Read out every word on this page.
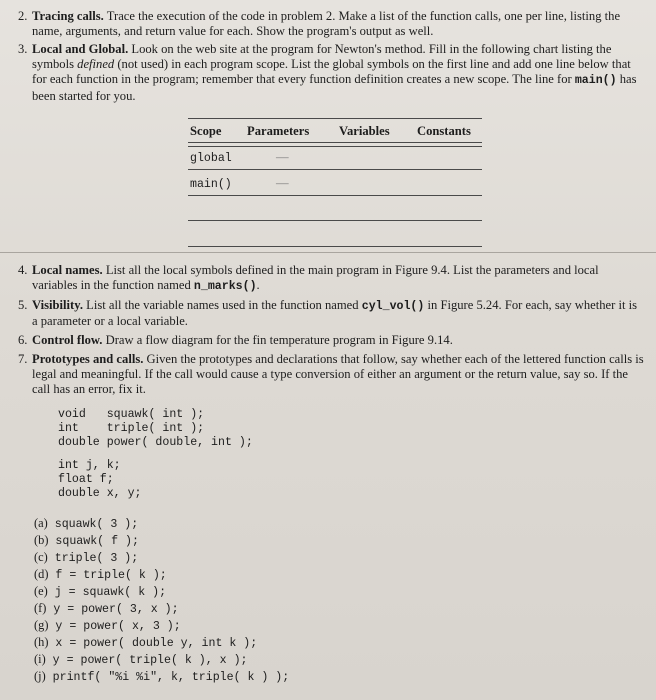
2. Tracing calls. Trace the execution of the code in problem 2. Make a list of the function calls, one per line, listing the name, arguments, and return value for each. Show the program's output as well.
3. Local and Global. Look on the web site at the program for Newton's method. Fill in the following chart listing the symbols defined (not used) in each program scope. List the global symbols on the first line and add one line below that for each function in the program; remember that every function definition creates a new scope. The line for main() has been started for you.
Scope Parameters Variables Constants
global	—
main()	—
4. Local names. List all the local symbols defined in the main program in Figure 9.4. List the parameters and local variables in the function named n_marks().
5. Visibility. List all the variable names used in the function named cyl_vol() in Figure 5.24. For each, say whether it is a parameter or a local variable.
6. Control flow. Draw a flow diagram for the fin temperature program in Figure 9.14.
7. Prototypes and calls. Given the prototypes and declarations that follow, say whether each of the lettered function calls is legal and meaningful. If the call would cause a type conversion of either an argument or the return value, say so. If the call has an error, fix it.
void   squawk( int );
int    triple( int );
double power( double, int );
int j, k;
float f;
double x, y;
(a) squawk( 3 );
(b) squawk( f );
(c) triple( 3 );
(d) f = triple( k );
(e) j = squawk( k );
(f) y = power( 3, x );
(g) y = power( x, 3 );
(h) x = power( double y, int k );
(i) y = power( triple( k ), x );
(j) printf( "%i %i", k, triple( k ) );
